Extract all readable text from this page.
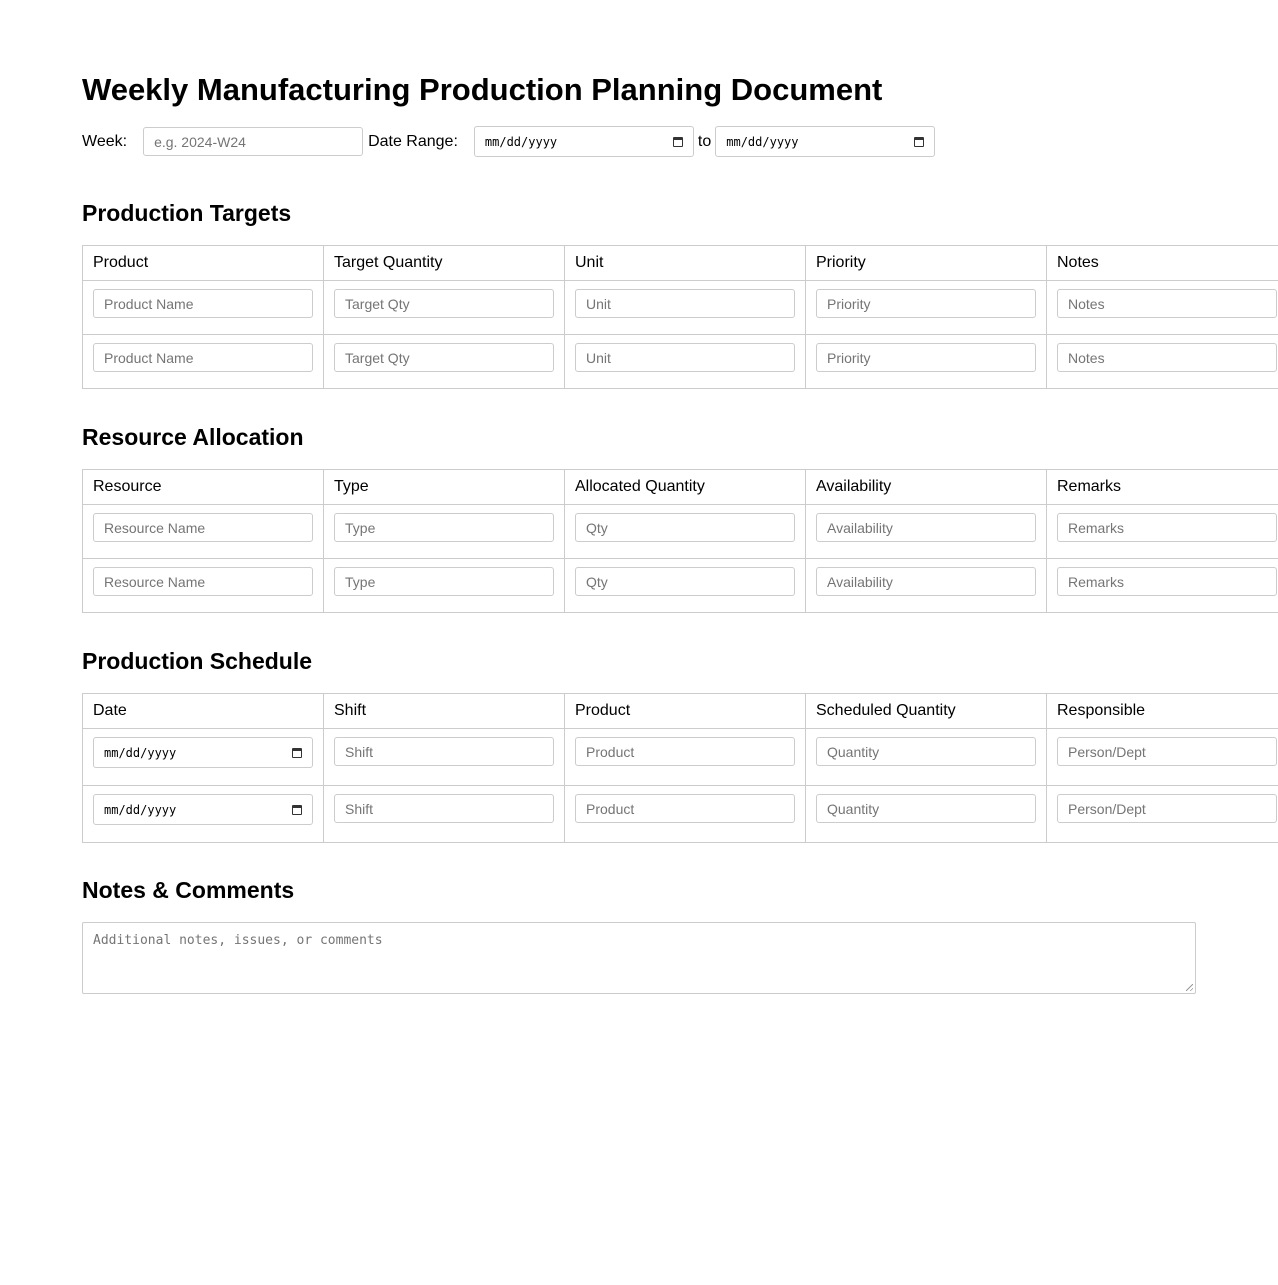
Weekly Manufacturing Production Planning Document
Week: e.g. 2024-W24	Date Range: mm/dd/yyyy	to mm/dd/yyyy
Production Targets
Product	Target Quantity	Unit	Priority	Notes

Product Name	Target Qty	Unit	Priority	Notes

Product Name	Target Qty	Unit	Priority	Notes
Resource Allocation
Resource	Type	Allocated Quantity	Availability	Remarks

Resource Name	Type	Qty	Availability	Remarks

Resource Name	Type	Qty	Availability	Remarks
Production Schedule
Date	Shift	Product	Scheduled Quantity	Responsible

mm/dd/yyyy	Shift	Product	Quantity	Person/Dept

mm/dd/yyyy	Shift	Product	Quantity	Person/Dept
Notes & Comments
Additional notes, issues, or comments
